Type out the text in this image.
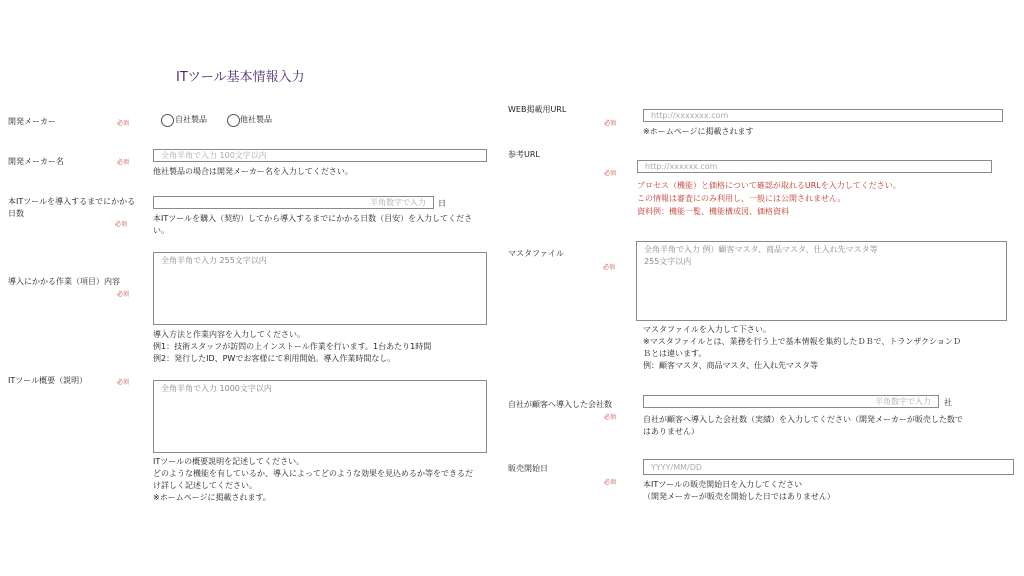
ITツール基本情報入力
開発メーカー	必須	自社製品	他社製品
開発メーカー名	必須
全角半角で入力 100文字以内
他社製品の場合は開発メーカー名を入力してください。
本ITツールを導入するまでにかかる
日数
必須
半角数字で入力	日
本ITツールを購入（契約）してから導入するまでにかかる日数（目安）を入力してくださ
い。
導入にかかる作業（項目）内容
必須
全角半角で入力 255文字以内
導入方法と作業内容を入力してください。
例1：技術スタッフが訪問の上インストール作業を行います。1台あたり1時間
例2：発行したID、PWでお客様にて利用開始。導入作業時間なし。
ITツール概要（説明）	必須
全角半角で入力 1000文字以内
ITツールの概要説明を記述してください。
どのような機能を有しているか、導入によってどのような効果を見込めるか等をできるだ
け詳しく記述してください。
※ホームページに掲載されます。
WEB掲載用URL
必須
http://xxxxxxx.com
※ホームページに掲載されます
参考URL
必須
http://xxxxxx.com
プロセス（機能）と価格について確認が取れるURLを入力してください。
この情報は審査にのみ利用し、一般には公開されません。
資料例：機能一覧、機能構成図、価格資料
マスタファイル
必須
全角半角で入力 例）顧客マスタ、商品マスタ、仕入れ先マスタ等
255文字以内
マスタファイルを入力して下さい。
※マスタファイルとは、業務を行う上で基本情報を集約したＤＢで、トランザクションＤ
Ｂとは違います。
例：顧客マスタ、商品マスタ、仕入れ先マスタ等
自社が顧客へ導入した会社数
必須
半角数字で入力	社
自社が顧客へ導入した会社数（実績）を入力してください（開発メーカーが販売した数で
はありません）
販売開始日
必須
YYYY/MM/DD
本ITツールの販売開始日を入力してください
（開発メーカーが販売を開始した日ではありません）
